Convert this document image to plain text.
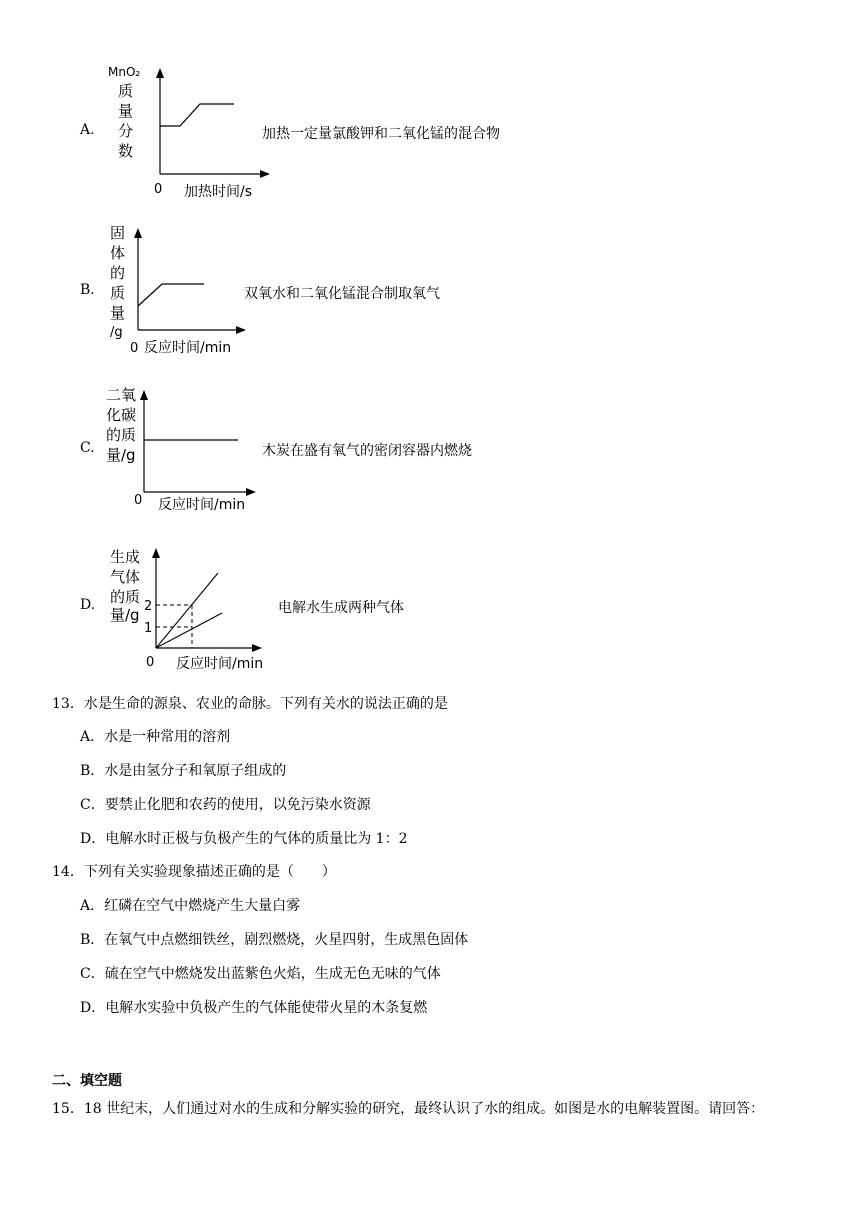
A.
MnO₂
质
量
分
数
0 加热时间/s
加热一定量氯酸钾和二氧化锰的混合物
B.
固
体
的
质
量
/g
0 反应时间/min
双氧水和二氧化锰混合制取氧气
C.
二氧
化碳
的质
量/g
0 反应时间/min
木炭在盛有氧气的密闭容器内燃烧
D.
生成
气体
的质
量/g 2
1
0 反应时间/min
电解水生成两种气体
13．水是生命的源泉、农业的命脉。下列有关水的说法正确的是
A．水是一种常用的溶剂
B．水是由氢分子和氧原子组成的
C．要禁止化肥和农药的使用，以免污染水资源
D．电解水时正极与负极产生的气体的质量比为 1：2
14．下列有关实验现象描述正确的是（　　）
A．红磷在空气中燃烧产生大量白雾
B．在氧气中点燃细铁丝，剧烈燃烧，火星四射，生成黑色固体
C．硫在空气中燃烧发出蓝紫色火焰，生成无色无味的气体
D．电解水实验中负极产生的气体能使带火星的木条复燃
二、填空题
15．18 世纪末，人们通过对水的生成和分解实验的研究，最终认识了水的组成。如图是水的电解装置图。请回答：
